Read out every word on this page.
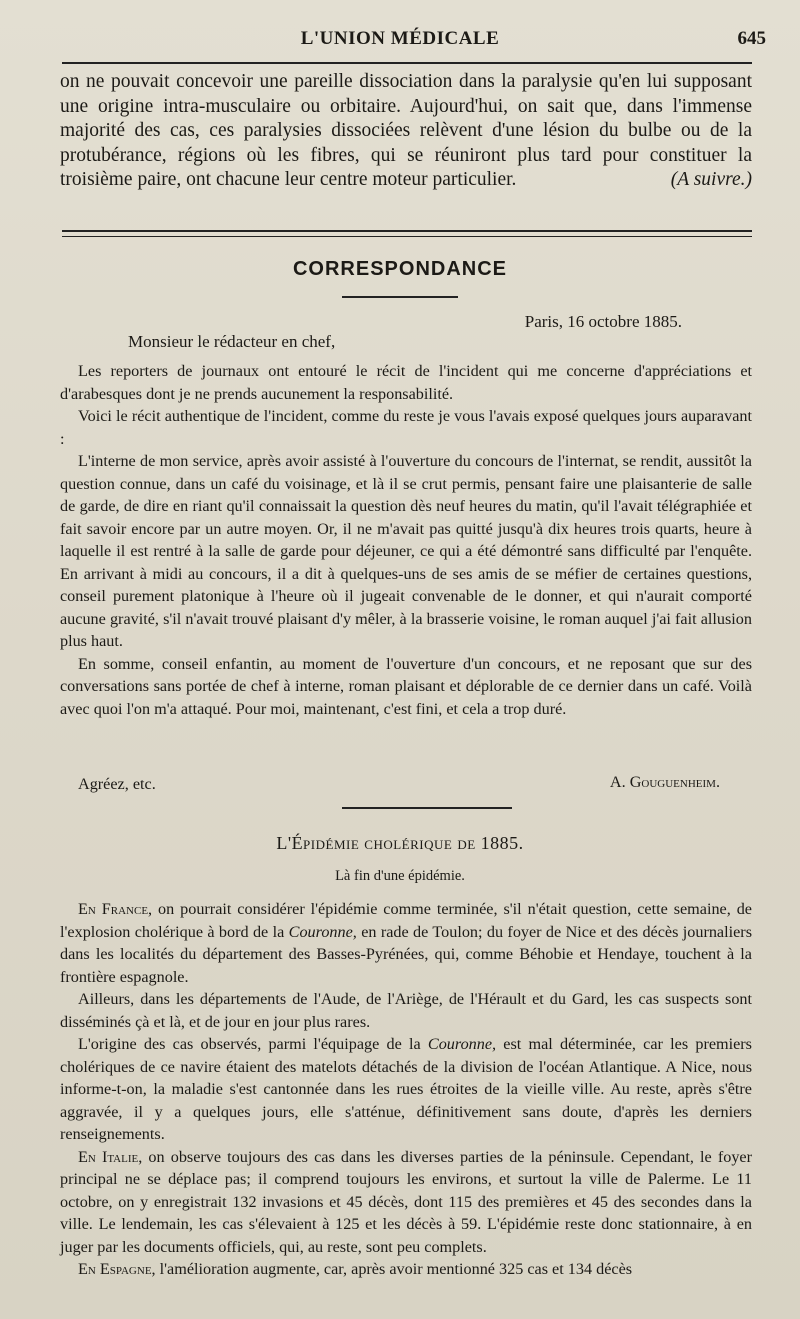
L'UNION MÉDICALE	645

on ne pouvait concevoir une pareille dissociation dans la paralysie qu'en lui supposant une origine intra-musculaire ou orbitaire. Aujourd'hui, on sait que, dans l'immense majorité des cas, ces paralysies dissociées relèvent d'une lésion du bulbe ou de la protubérance, régions où les fibres, qui se réuniront plus tard pour constituer la troisième paire, ont chacune leur centre moteur particulier.	(A suivre.)

CORRESPONDANCE
Paris, 16 octobre 1885.
Monsieur le rédacteur en chef,

Les reporters de journaux ont entouré le récit de l'incident qui me concerne d'appréciations et d'arabesques dont je ne prends aucunement la responsabilité.

Voici le récit authentique de l'incident, comme du reste je vous l'avais exposé quelques jours auparavant :

L'interne de mon service, après avoir assisté à l'ouverture du concours de l'internat, se rendit, aussitôt la question connue, dans un café du voisinage, et là il se crut permis, pensant faire une plaisanterie de salle de garde, de dire en riant qu'il connaissait la question dès neuf heures du matin, qu'il l'avait télégraphiée et fait savoir encore par un autre moyen. Or, il ne m'avait pas quitté jusqu'à dix heures trois quarts, heure à laquelle il est rentré à la salle de garde pour déjeuner, ce qui a été démontré sans difficulté par l'enquête. En arrivant à midi au concours, il a dit à quelques-uns de ses amis de se méfier de certaines questions, conseil purement platonique à l'heure où il jugeait convenable de le donner, et qui n'aurait comporté aucune gravité, s'il n'avait trouvé plaisant d'y mêler, à la brasserie voisine, le roman auquel j'ai fait allusion plus haut.

En somme, conseil enfantin, au moment de l'ouverture d'un concours, et ne reposant que sur des conversations sans portée de chef à interne, roman plaisant et déplorable de ce dernier dans un café. Voilà avec quoi l'on m'a attaqué. Pour moi, maintenant, c'est fini, et cela a trop duré.

Agréez, etc.	A. Gouguenheim.
L'Épidémie cholérique de 1885.
Là fin d'une épidémie.

En France, on pourrait considérer l'épidémie comme terminée, s'il n'était question, cette semaine, de l'explosion cholérique à bord de la Couronne, en rade de Toulon; du foyer de Nice et des décès journaliers dans les localités du département des Basses-Pyrénées, qui, comme Béhobie et Hendaye, touchent à la frontière espagnole.

Ailleurs, dans les départements de l'Aude, de l'Ariège, de l'Hérault et du Gard, les cas suspects sont disséminés çà et là, et de jour en jour plus rares.

L'origine des cas observés, parmi l'équipage de la Couronne, est mal déterminée, car les premiers cholériques de ce navire étaient des matelots détachés de la division de l'océan Atlantique. A Nice, nous informe-t-on, la maladie s'est cantonnée dans les rues étroites de la vieille ville. Au reste, après s'être aggravée, il y a quelques jours, elle s'atténue, définitivement sans doute, d'après les derniers renseignements.

En Italie, on observe toujours des cas dans les diverses parties de la péninsule. Cependant, le foyer principal ne se déplace pas; il comprend toujours les environs, et surtout la ville de Palerme. Le 11 octobre, on y enregistrait 132 invasions et 45 décès, dont 115 des premières et 45 des secondes dans la ville. Le lendemain, les cas s'élevaient à 125 et les décès à 59. L'épidémie reste donc stationnaire, à en juger par les documents officiels, qui, au reste, sont peu complets.

En Espagne, l'amélioration augmente, car, après avoir mentionné 325 cas et 134 décès
